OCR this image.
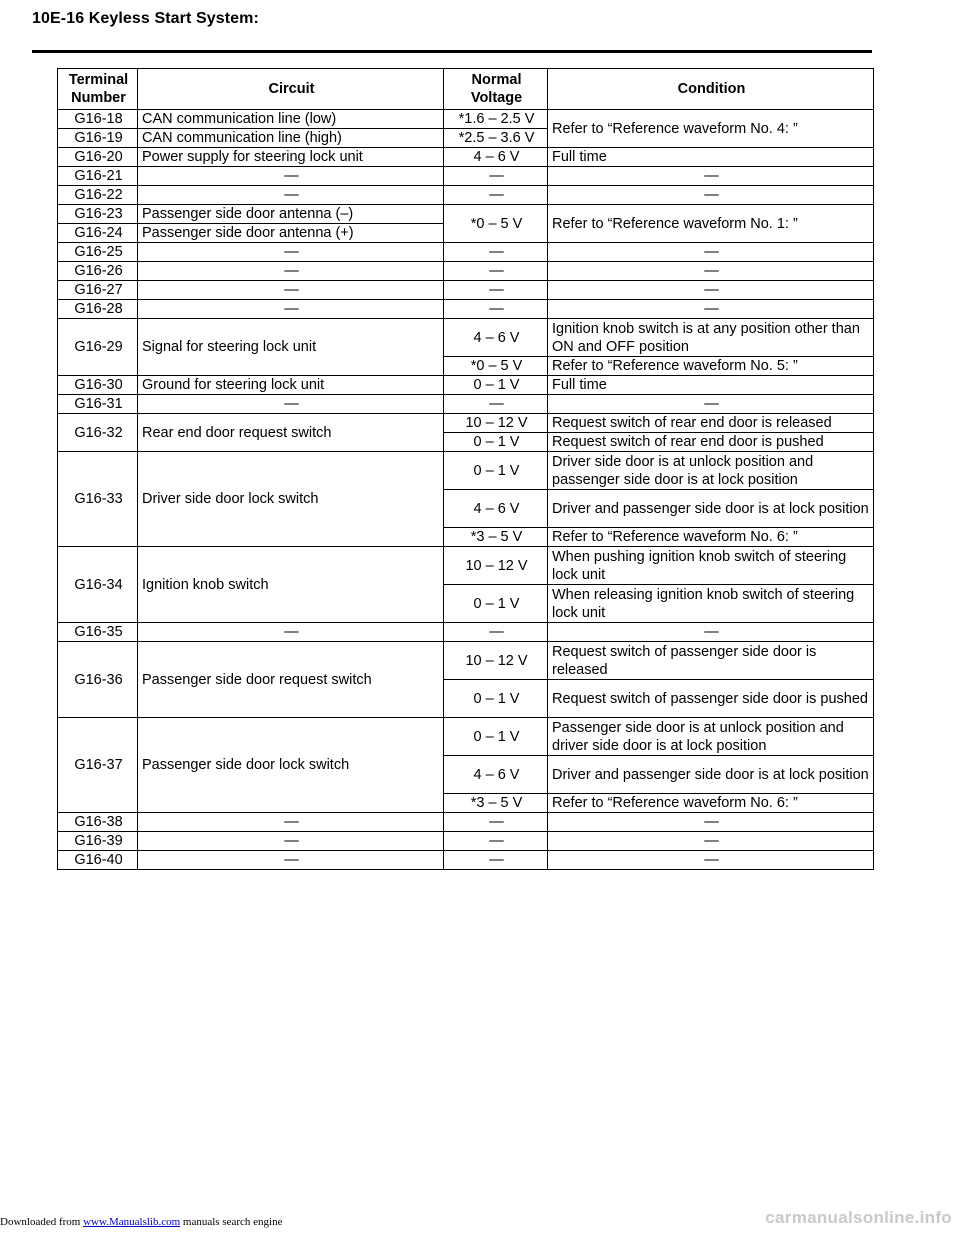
10E-16 Keyless Start System:
Terminal Number	Circuit	Normal Voltage	Condition
G16-18	CAN communication line (low)	*1.6 – 2.5 V	Refer to “Reference waveform No. 4: ”
G16-19	CAN communication line (high)	*2.5 – 3.6 V	
G16-20	Power supply for steering lock unit	4 – 6 V	Full time
G16-21	—	—	—
G16-22	—	—	—
G16-23	Passenger side door antenna (–)	*0 – 5 V	Refer to “Reference waveform No. 1: ”
G16-24	Passenger side door antenna (+)		
G16-25	—	—	—
G16-26	—	—	—
G16-27	—	—	—
G16-28	—	—	—
G16-29	Signal for steering lock unit	4 – 6 V	Ignition knob switch is at any position other than ON and OFF position
		*0 – 5 V	Refer to “Reference waveform No. 5: ”
G16-30	Ground for steering lock unit	0 – 1 V	Full time
G16-31	—	—	—
G16-32	Rear end door request switch	10 – 12 V	Request switch of rear end door is released
		0 – 1 V	Request switch of rear end door is pushed
G16-33	Driver side door lock switch	0 – 1 V	Driver side door is at unlock position and passenger side door is at lock position
		4 – 6 V	Driver and passenger side door is at lock position
		*3 – 5 V	Refer to “Reference waveform No. 6: ”
G16-34	Ignition knob switch	10 – 12 V	When pushing ignition knob switch of steering lock unit
		0 – 1 V	When releasing ignition knob switch of steering lock unit
G16-35	—	—	—
G16-36	Passenger side door request switch	10 – 12 V	Request switch of passenger side door is released
		0 – 1 V	Request switch of passenger side door is pushed
G16-37	Passenger side door lock switch	0 – 1 V	Passenger side door is at unlock position and driver side door is at lock position
		4 – 6 V	Driver and passenger side door is at lock position
		*3 – 5 V	Refer to “Reference waveform No. 6: ”
G16-38	—	—	—
G16-39	—	—	—
G16-40	—	—	—
Downloaded from www.Manualslib.com manuals search engine	carmanualsonline.info
